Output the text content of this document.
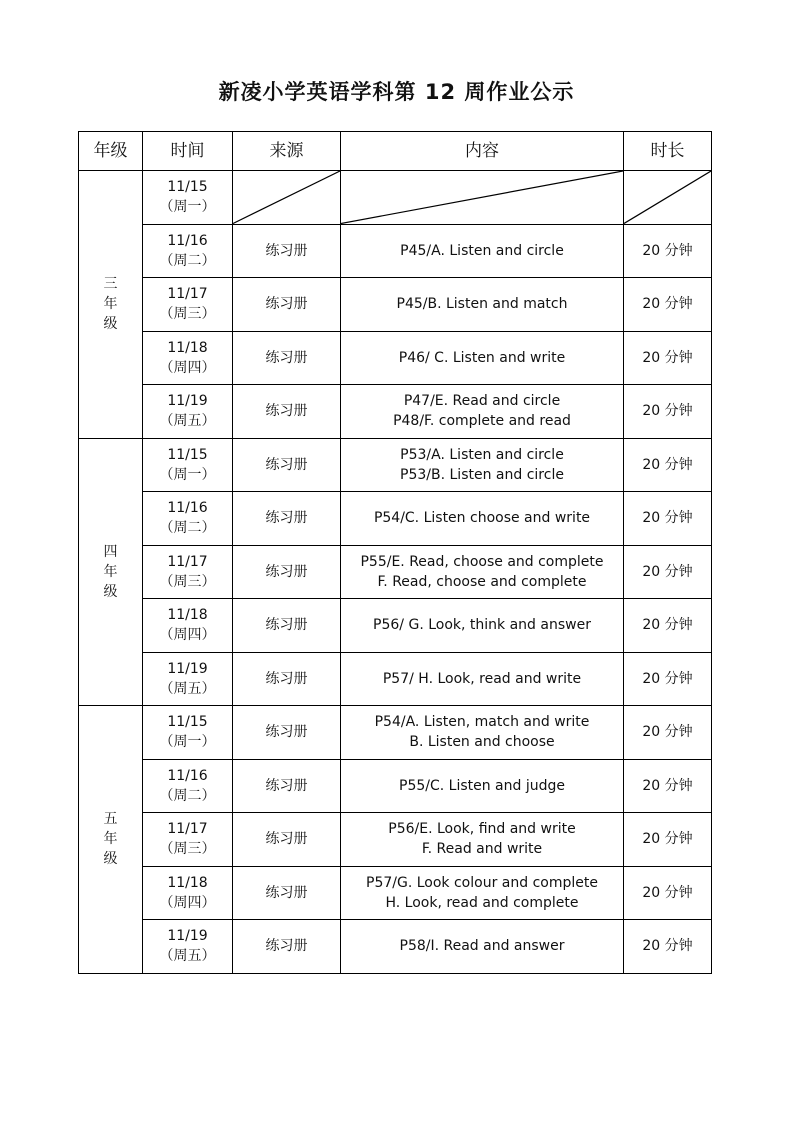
新凌小学英语学科第 12 周作业公示
年级	时间	来源	内容	时长

三
年
级	11/15
（周一）

	11/16
（周二）	练习册	P45/A. Listen and circle	20 分钟

	11/17
（周三）	练习册	P45/B. Listen and match	20 分钟

	11/18
（周四）	练习册	P46/ C. Listen and write	20 分钟

	11/19
（周五）	练习册	P47/E. Read and circle
P48/F. complete and read	20 分钟

四
年
级	11/15
（周一）	练习册	P53/A. Listen and circle
P53/B. Listen and circle	20 分钟

	11/16
（周二）	练习册	P54/C. Listen choose and write	20 分钟

	11/17
（周三）	练习册	P55/E. Read, choose and complete
F. Read, choose and complete	20 分钟

	11/18
（周四）	练习册	P56/ G. Look, think and answer	20 分钟

	11/19
（周五）	练习册	P57/ H. Look, read and write	20 分钟

五
年
级	11/15
（周一）	练习册	P54/A. Listen, match and write
B. Listen and choose	20 分钟

	11/16
（周二）	练习册	P55/C. Listen and judge	20 分钟

	11/17
（周三）	练习册	P56/E. Look, find and write
F. Read and write	20 分钟

	11/18
（周四）	练习册	P57/G. Look colour and complete
H. Look, read and complete	20 分钟

	11/19
（周五）	练习册	P58/I. Read and answer	20 分钟
